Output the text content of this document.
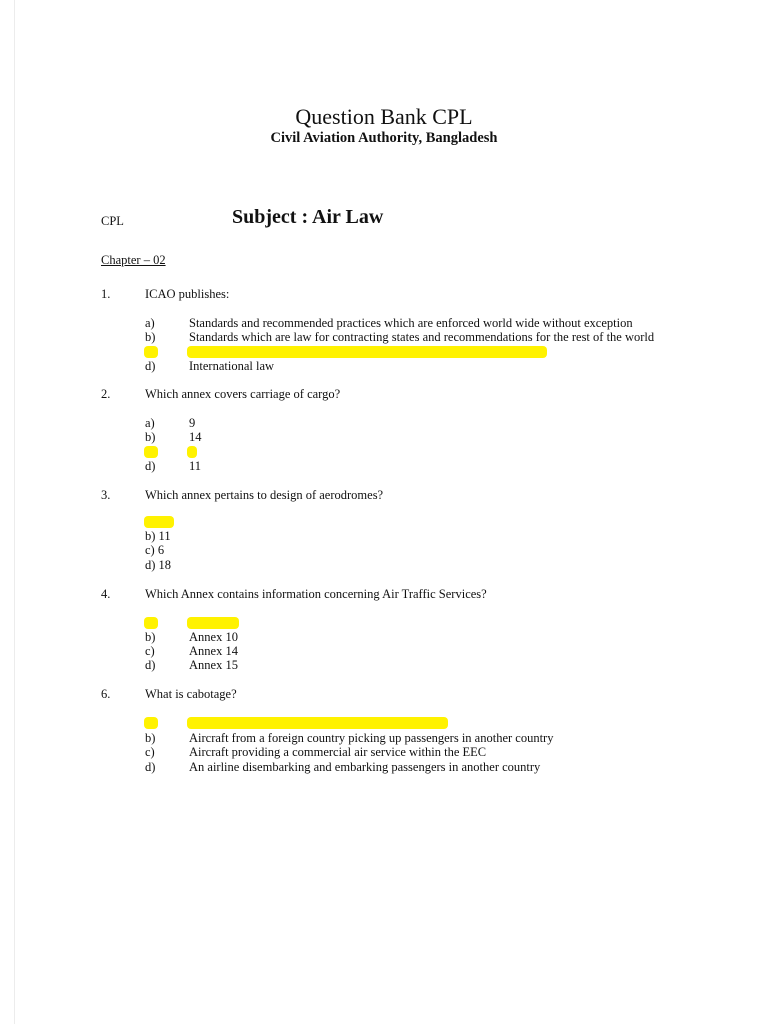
Question Bank CPL
Civil Aviation Authority, Bangladesh
CPL	Subject : Air Law
Chapter – 02
1.	ICAO publishes:
a)	Standards and recommended practices which are enforced world wide without exception
b)	Standards which are law for contracting states and recommendations for the rest of the world
d)	International law
2.	Which annex covers carriage of cargo?
a)	9
b)	14
d)	11
3.	Which annex pertains to design of aerodromes?
b) 11
c) 6
d) 18
4.	Which Annex contains information concerning Air Traffic Services?
b)	Annex 10
c)	Annex 14
d)	Annex 15
6.	What is cabotage?
b)	Aircraft from a foreign country picking up passengers in another country
c)	Aircraft providing a commercial air service within the EEC
d)	An airline disembarking and embarking passengers in another country
